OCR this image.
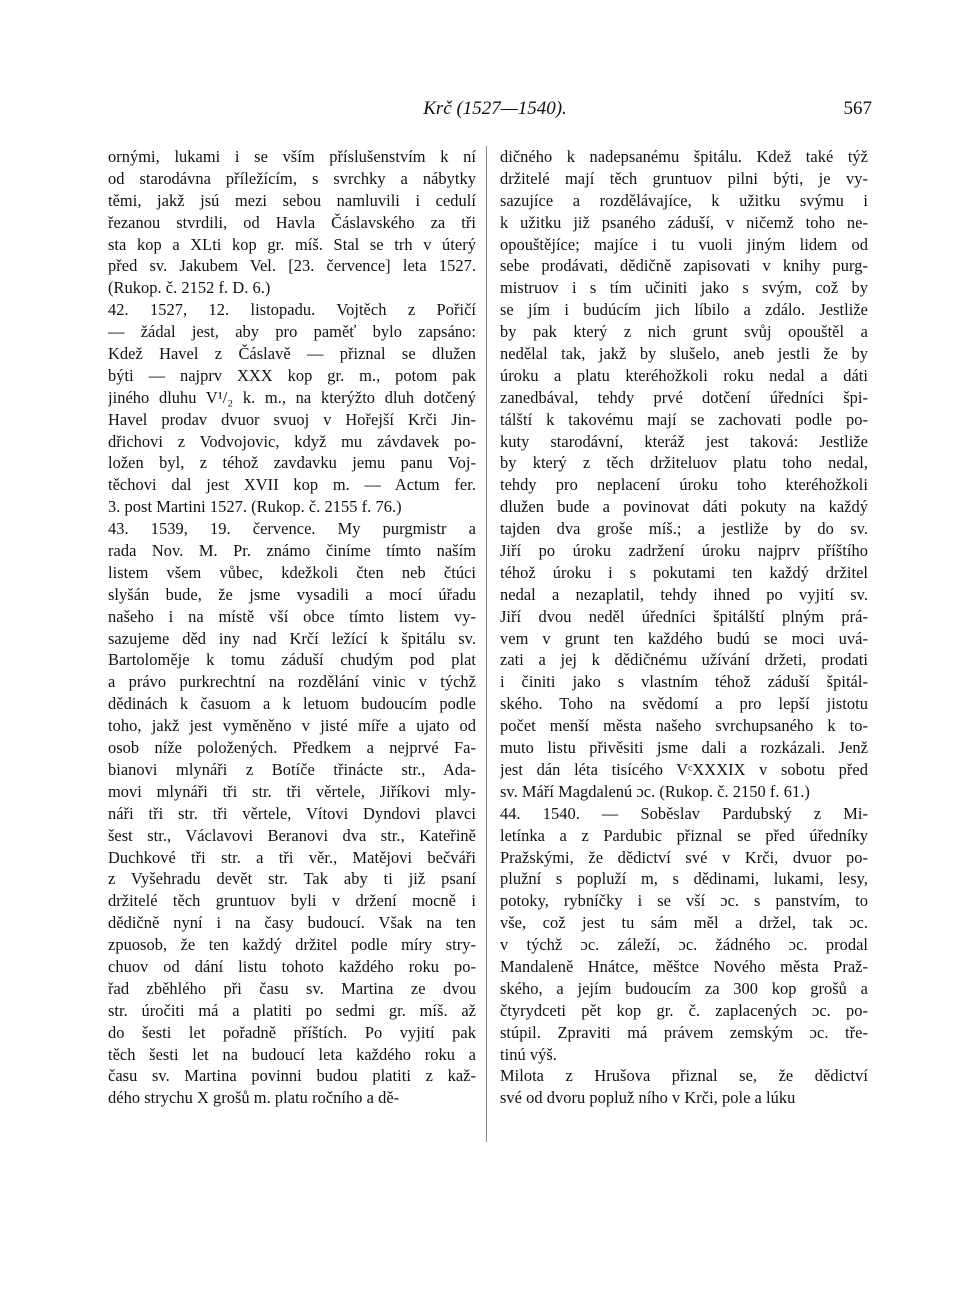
Krč (1527—1540).	567
ornými, lukami i se vším příslušenstvím k ní
od starodávna příležícím, s svrchky a nábytky
těmi, jakž jsú mezi sebou namluvili i cedulí
řezanou stvrdili, od Havla Čáslavského za tři
sta kop a XLti kop gr. míš. Stal se trh v úterý
před sv. Jakubem Vel. [23. července] leta 1527.
(Rukop. č. 2152 f. D. 6.)
42. 1527, 12. listopadu. Vojtěch z Pořičí
— žádal jest, aby pro paměť bylo zapsáno:
Kdež Havel z Čáslavě — přiznal se dlužen
býti — najprv XXX kop gr. m., potom pak
jiného dluhu V¹/₂ k. m., na kterýžto dluh dotčený
Havel prodav dvuor svuoj v Hořejší Krči Jin-
dřichovi z Vodvojovic, když mu závdavek po-
ložen byl, z téhož zavdavku jemu panu Voj-
těchovi dal jest XVII kop m. — Actum fer.
3. post Martini 1527. (Rukop. č. 2155 f. 76.)
43. 1539, 19. července. My purgmistr a
rada Nov. M. Pr. známo činíme tímto naším
listem všem vůbec, kdežkoli čten neb čtúci
slyšán bude, že jsme vysadili a mocí úřadu
našeho i na místě vší obce tímto listem vy-
sazujeme děd iny nad Krčí ležící k špitálu sv.
Bartoloměje k tomu záduší chudým pod plat
a právo purkrechtní na rozdělání vinic v týchž
dědinách k časuom a k letuom budoucím podle
toho, jakž jest vyměněno v jisté míře a ujato od
osob níže položených. Předkem a nejprvé Fa-
bianovi mlynáři z Botíče třinácte str., Ada-
movi mlynáři tři str. tři věrtele, Jiříkovi mly-
náři tři str. tři věrtele, Vítovi Dyndovi plavci
šest str., Václavovi Beranovi dva str., Kateřině
Duchkové tři str. a tři věr., Matějovi bečváři
z Vyšehradu devět str. Tak aby ti již psaní
držitelé těch gruntuov byli v držení mocně i
dědičně nyní i na časy budoucí. Však na ten
zpuosob, že ten každý držitel podle míry stry-
chuov od dání listu tohoto každého roku po-
řad zběhlého při času sv. Martina ze dvou
str. úročiti má a platiti po sedmi gr. míš. až
do šesti let pořadně příštích. Po vyjití pak
těch šesti let na budoucí leta každého roku a
času sv. Martina povinni budou platiti z kaž-
dého strychu X grošů m. platu ročního a dě-
dičného k nadepsanému špitálu. Kdež také týž
držitelé mají těch gruntuov pilni býti, je vy-
sazujíce a rozdělávajíce, k užitku svýmu i
k užitku již psaného záduší, v ničemž toho ne-
opouštějíce; majíce i tu vuoli jiným lidem od
sebe prodávati, dědičně zapisovati v knihy purg-
mistruov i s tím učiniti jako s svým, což by
se jím i budúcím jich líbilo a zdálo. Jestliže
by pak který z nich grunt svůj opouštěl a
nedělal tak, jakž by slušelo, aneb jestli že by
úroku a platu kteréhožkoli roku nedal a dáti
zanedbával, tehdy prvé dotčení úředníci špi-
tálští k takovému mají se zachovati podle po-
kuty starodávní, kteráž jest taková: Jestliže
by který z těch držiteluov platu toho nedal,
tehdy pro neplacení úroku toho kteréhožkoli
dlužen bude a povinovat dáti pokuty na každý
tajden dva groše míš.; a jestliže by do sv.
Jiří po úroku zadržení úroku najprv příštího
téhož úroku i s pokutami ten každý držitel
nedal a nezaplatil, tehdy ihned po vyjití sv.
Jiří dvou neděl úředníci špitálští plným prá-
vem v grunt ten každého budú se moci uvá-
zati a jej k dědičnému užívání držeti, prodati
i činiti jako s vlastním téhož záduší špitál-
ského. Toho na svědomí a pro lepší jistotu
počet menší města našeho svrchupsaného k to-
muto listu přivěsiti jsme dali a rozkázali. Jenž
jest dán léta tisícého VᶜXXXIX v sobotu před
sv. Máří Magdalenú ɔc. (Rukop. č. 2150 f. 61.)
44. 1540. — Soběslav Pardubský z Mi-
letínka a z Pardubic přiznal se před úředníky
Pražskými, že dědictví své v Krči, dvuor po-
plužní s popluží m, s dědinami, lukami, lesy,
potoky, rybníčky i se vší ɔc. s panstvím, to
vše, což jest tu sám měl a držel, tak ɔc.
v týchž ɔc. záleží, ɔc. žádného ɔc. prodal
Mandaleně Hnátce, měštce Nového města Praž-
ského, a jejím budoucím za 300 kop grošů a
čtyrydceti pět kop gr. č. zaplacených ɔc. po-
stúpil. Zpraviti má právem zemským ɔc. tře-
tinú výš.
Milota z Hrušova přiznal se, že dědictví
své od dvoru popluž ního v Krči, pole a lúku
